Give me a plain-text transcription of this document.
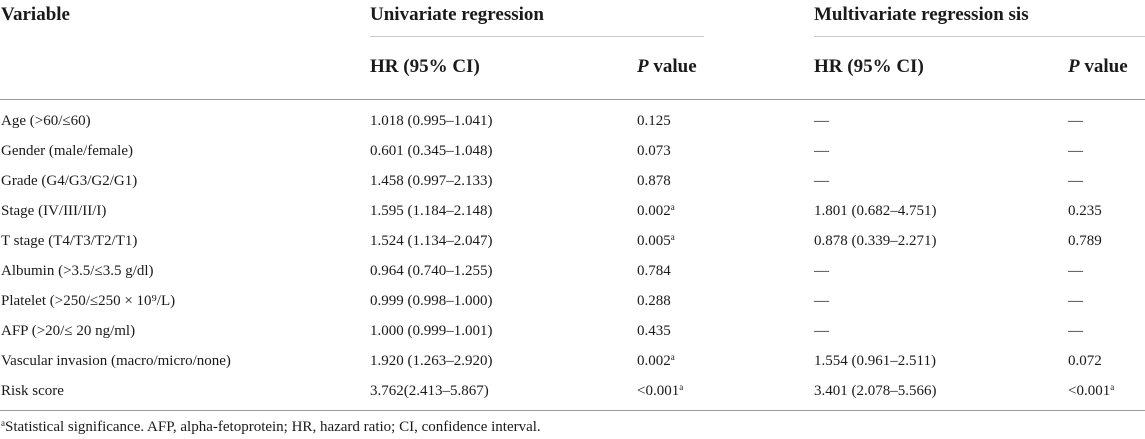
Variable	Univariate regression	Multivariate regression sis
HR (95% CI)	P value	HR (95% CI)	P value
Age (>60/≤60)	1.018 (0.995–1.041)	0.125	—	—
Gender (male/female)	0.601 (0.345–1.048)	0.073	—	—
Grade (G4/G3/G2/G1)	1.458 (0.997–2.133)	0.878	—	—
Stage (IV/III/II/I)	1.595 (1.184–2.148)	0.002$^a$	1.801 (0.682–4.751)	0.235
T stage (T4/T3/T2/T1)	1.524 (1.134–2.047)	0.005$^a$	0.878 (0.339–2.271)	0.789
Albumin (>3.5/≤3.5 g/dl)	0.964 (0.740–1.255)	0.784	—	—
Platelet (>250/≤250 × 10⁹/L)	0.999 (0.998–1.000)	0.288	—	—
AFP (>20/≤ 20 ng/ml)	1.000 (0.999–1.001)	0.435	—	—
Vascular invasion (macro/micro/none)	1.920 (1.263–2.920)	0.002$^a$	1.554 (0.961–2.511)	0.072
Risk score	3.762(2.413–5.867)	<0.001$^a$	3.401 (2.078–5.566)	<0.001$^a$
$^a$Statistical significance. AFP, alpha-fetoprotein; HR, hazard ratio; CI, confidence interval.
